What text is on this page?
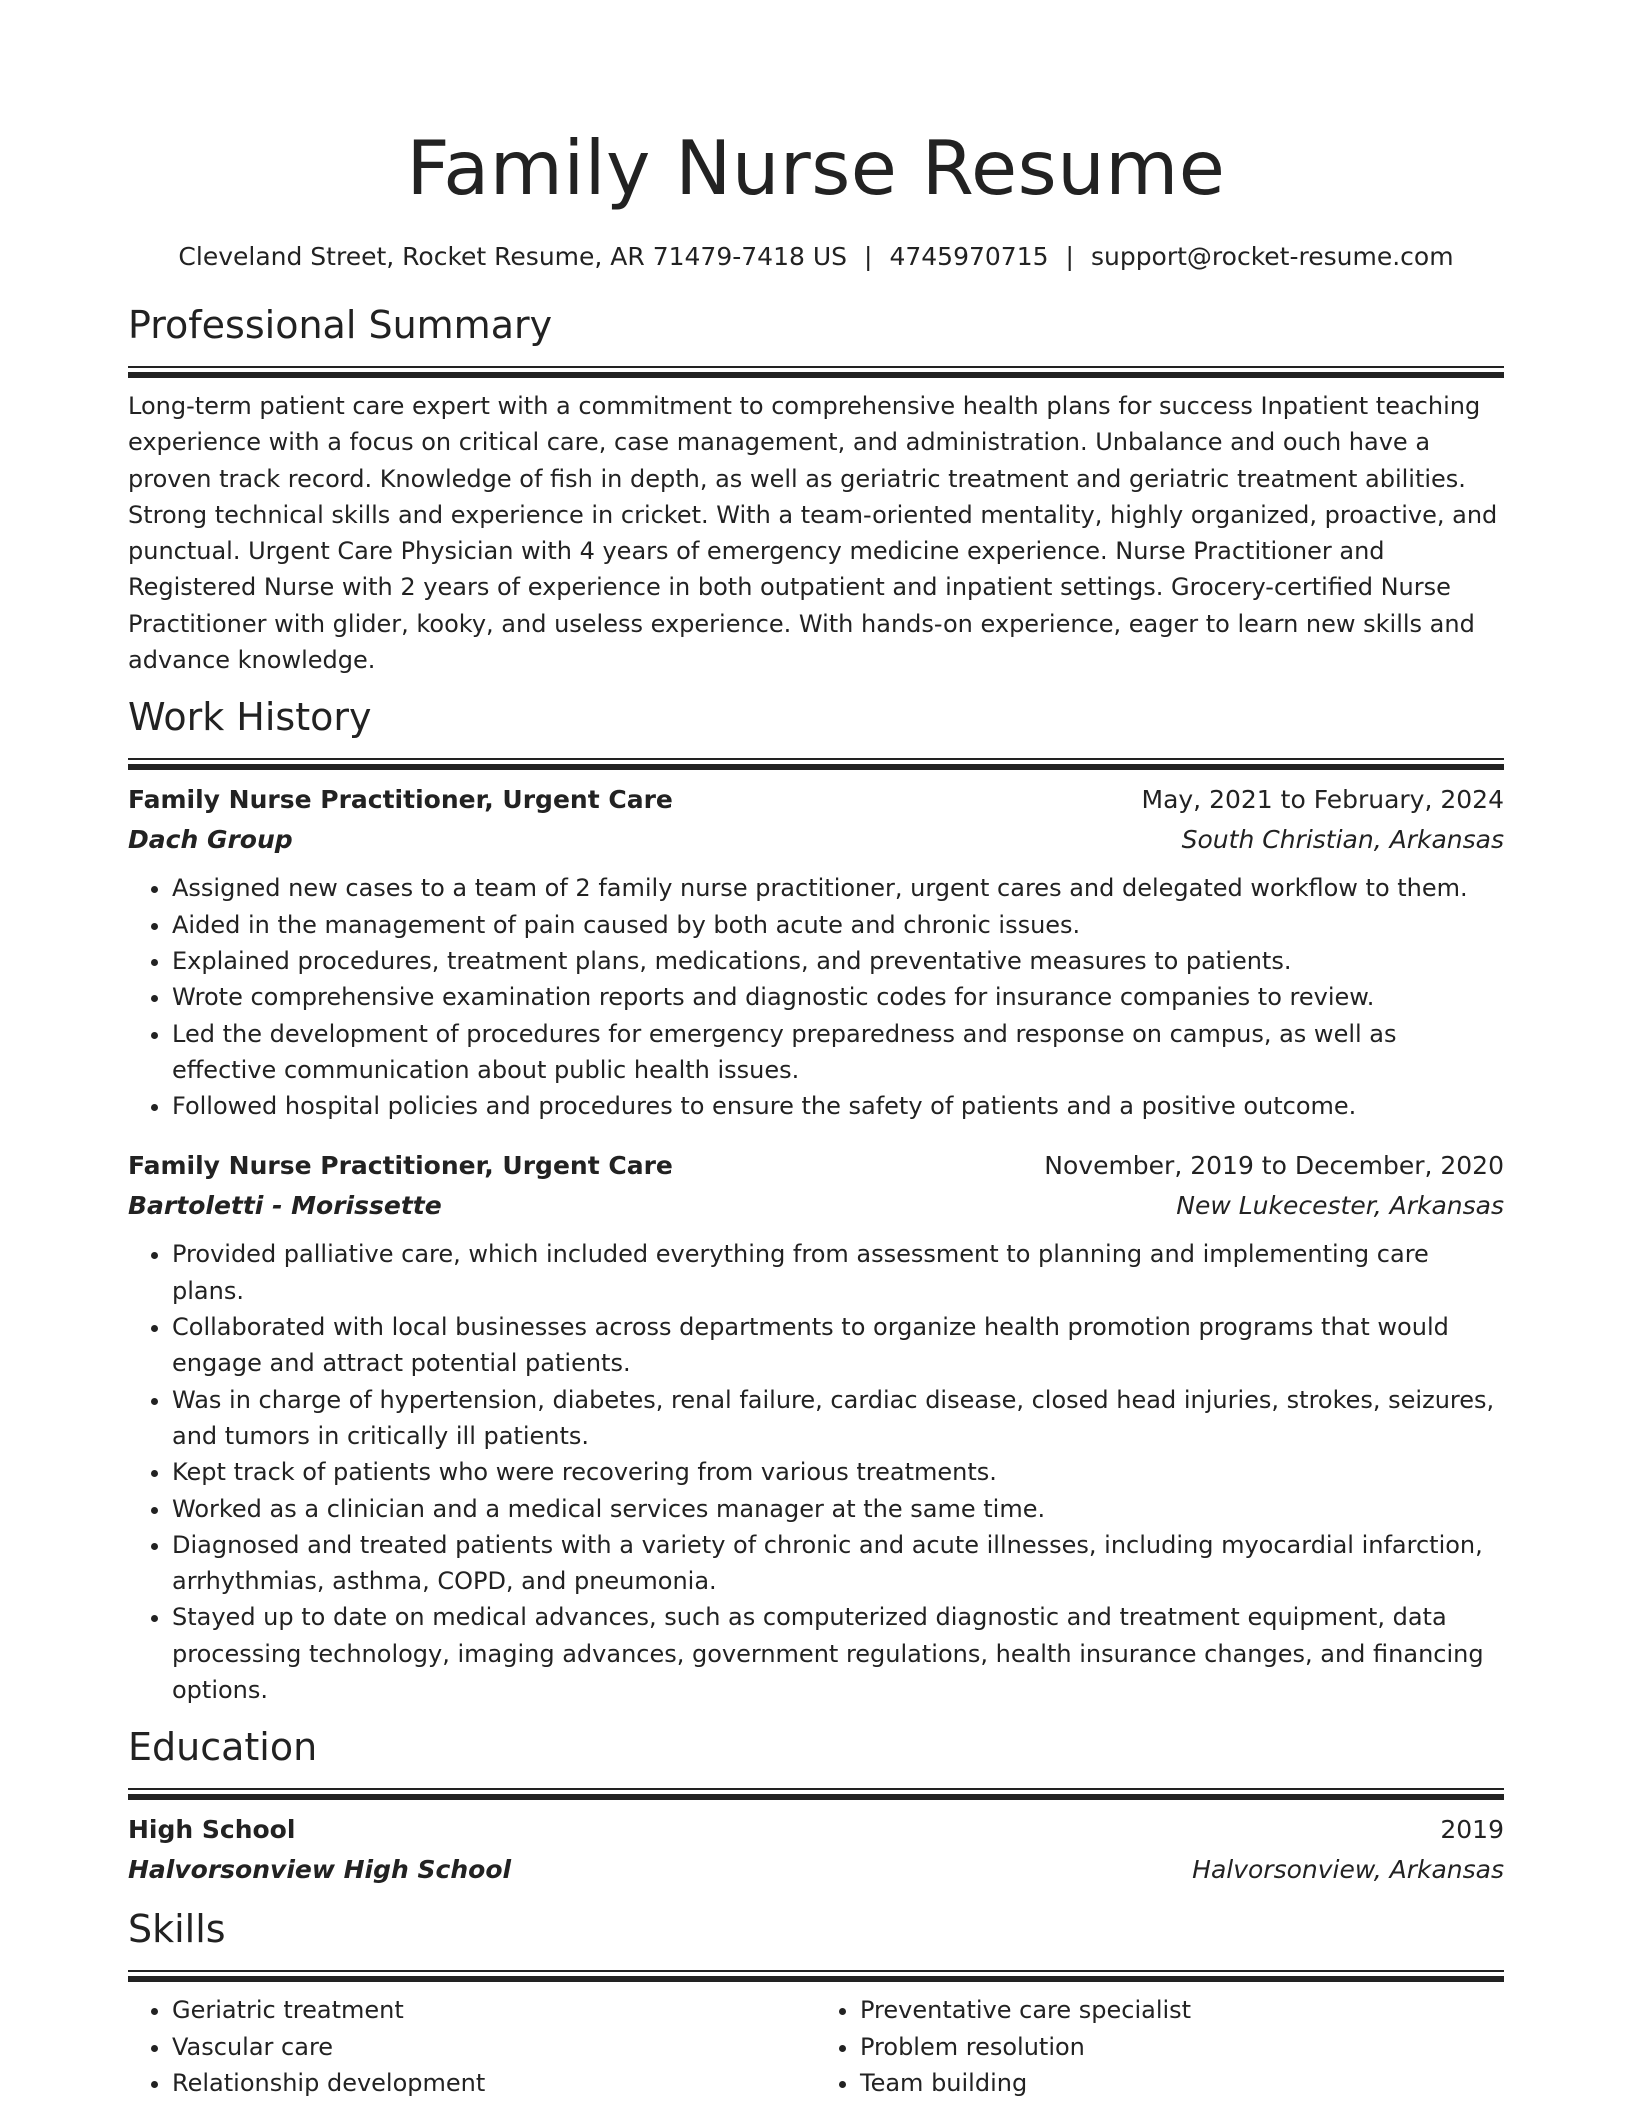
Family Nurse Resume
Cleveland Street, Rocket Resume, AR 71479-7418 US | 4745970715 | support@rocket-resume.com
Professional Summary
Long-term patient care expert with a commitment to comprehensive health plans for success Inpatient teaching experience with a focus on critical care, case management, and administration. Unbalance and ouch have a proven track record. Knowledge of fish in depth, as well as geriatric treatment and geriatric treatment abilities. Strong technical skills and experience in cricket. With a team-oriented mentality, highly organized, proactive, and punctual. Urgent Care Physician with 4 years of emergency medicine experience. Nurse Practitioner and Registered Nurse with 2 years of experience in both outpatient and inpatient settings. Grocery-certified Nurse Practitioner with glider, kooky, and useless experience. With hands-on experience, eager to learn new skills and advance knowledge.
Work History
Family Nurse Practitioner, Urgent Care	May, 2021 to February, 2024
Dach Group	South Christian, Arkansas
• Assigned new cases to a team of 2 family nurse practitioner, urgent cares and delegated workflow to them.
• Aided in the management of pain caused by both acute and chronic issues.
• Explained procedures, treatment plans, medications, and preventative measures to patients.
• Wrote comprehensive examination reports and diagnostic codes for insurance companies to review.
• Led the development of procedures for emergency preparedness and response on campus, as well as effective communication about public health issues.
• Followed hospital policies and procedures to ensure the safety of patients and a positive outcome.
Family Nurse Practitioner, Urgent Care	November, 2019 to December, 2020
Bartoletti - Morissette	New Lukecester, Arkansas
• Provided palliative care, which included everything from assessment to planning and implementing care plans.
• Collaborated with local businesses across departments to organize health promotion programs that would engage and attract potential patients.
• Was in charge of hypertension, diabetes, renal failure, cardiac disease, closed head injuries, strokes, seizures, and tumors in critically ill patients.
• Kept track of patients who were recovering from various treatments.
• Worked as a clinician and a medical services manager at the same time.
• Diagnosed and treated patients with a variety of chronic and acute illnesses, including myocardial infarction, arrhythmias, asthma, COPD, and pneumonia.
• Stayed up to date on medical advances, such as computerized diagnostic and treatment equipment, data processing technology, imaging advances, government regulations, health insurance changes, and financing options.
Education
High School	2019
Halvorsonview High School	Halvorsonview, Arkansas
Skills
• Geriatric treatment
• Vascular care
• Relationship development
• Preventative care specialist
• Problem resolution
• Team building
